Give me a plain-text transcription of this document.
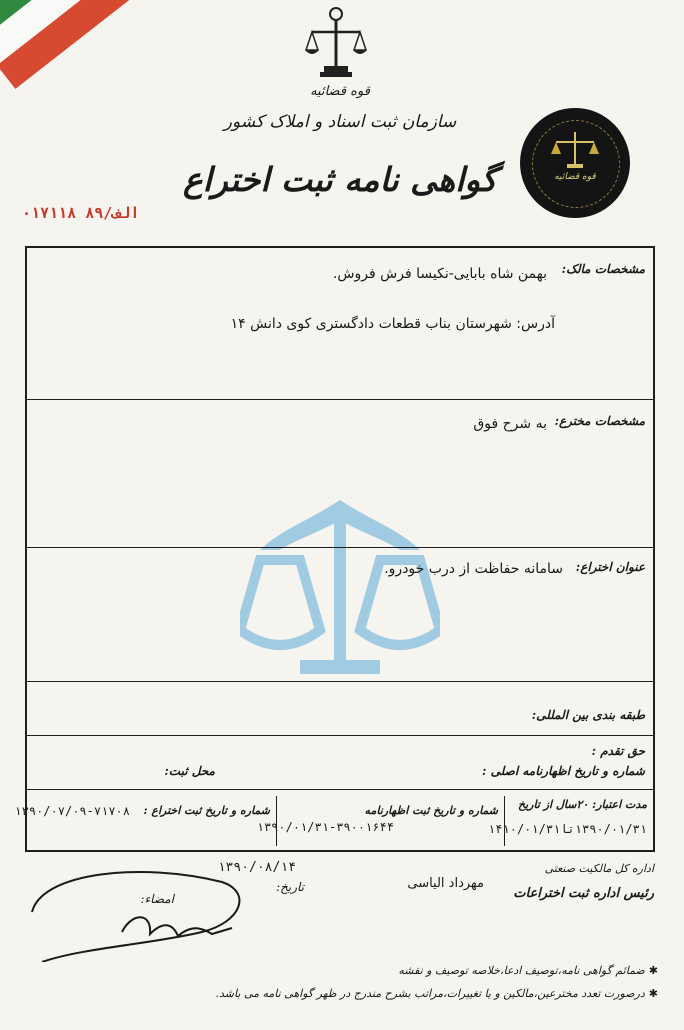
قوه قضائیه
سازمان ثبت اسناد و املاک کشور
گواهی نامه ثبت اختراع
الف/۸۹ ۰۱۷۱۱۸
قوه قضائیه
مشخصات مالک:
بهمن شاه بابایی-نکیسا فرش فروش.
آدرس: شهرستان بناب قطعات دادگستری کوی دانش ۱۴
مشخصات مخترع:
به شرح فوق
عنوان اختراع:
سامانه حفاظت از درب خودرو.
طبقه بندی بین المللی:
حق تقدم :
شماره و تاریخ اظهارنامه اصلی :
محل ثبت:
مدت اعتبار: ۲۰سال از تاریخ
۱۳۹۰/۰۱/۳۱تا۱۴۱۰/۰۱/۳۱
شماره و تاریخ ثبت اظهارنامه
۱۳۹۰/۰۱/۳۱-۳۹۰۰۱۶۴۴
شماره و تاریخ ثبت اختراع :
۱۳۹۰/۰۷/۰۹-۷۱۷۰۸
اداره کل مالکیت صنعتی
رئیس اداره ثبت اختراعات
مهرداد الیاسی
۱۳۹۰/۰۸/۱۴
تاریخ:
امضاء:
✱ضمائم گواهی نامه،توصیف ادعا،خلاصه توصیف و نقشه
✱درصورت تعدد مخترعین،مالکین و یا تغییرات،مراتب بشرح مندرج در ظهر گواهی نامه می باشد.
